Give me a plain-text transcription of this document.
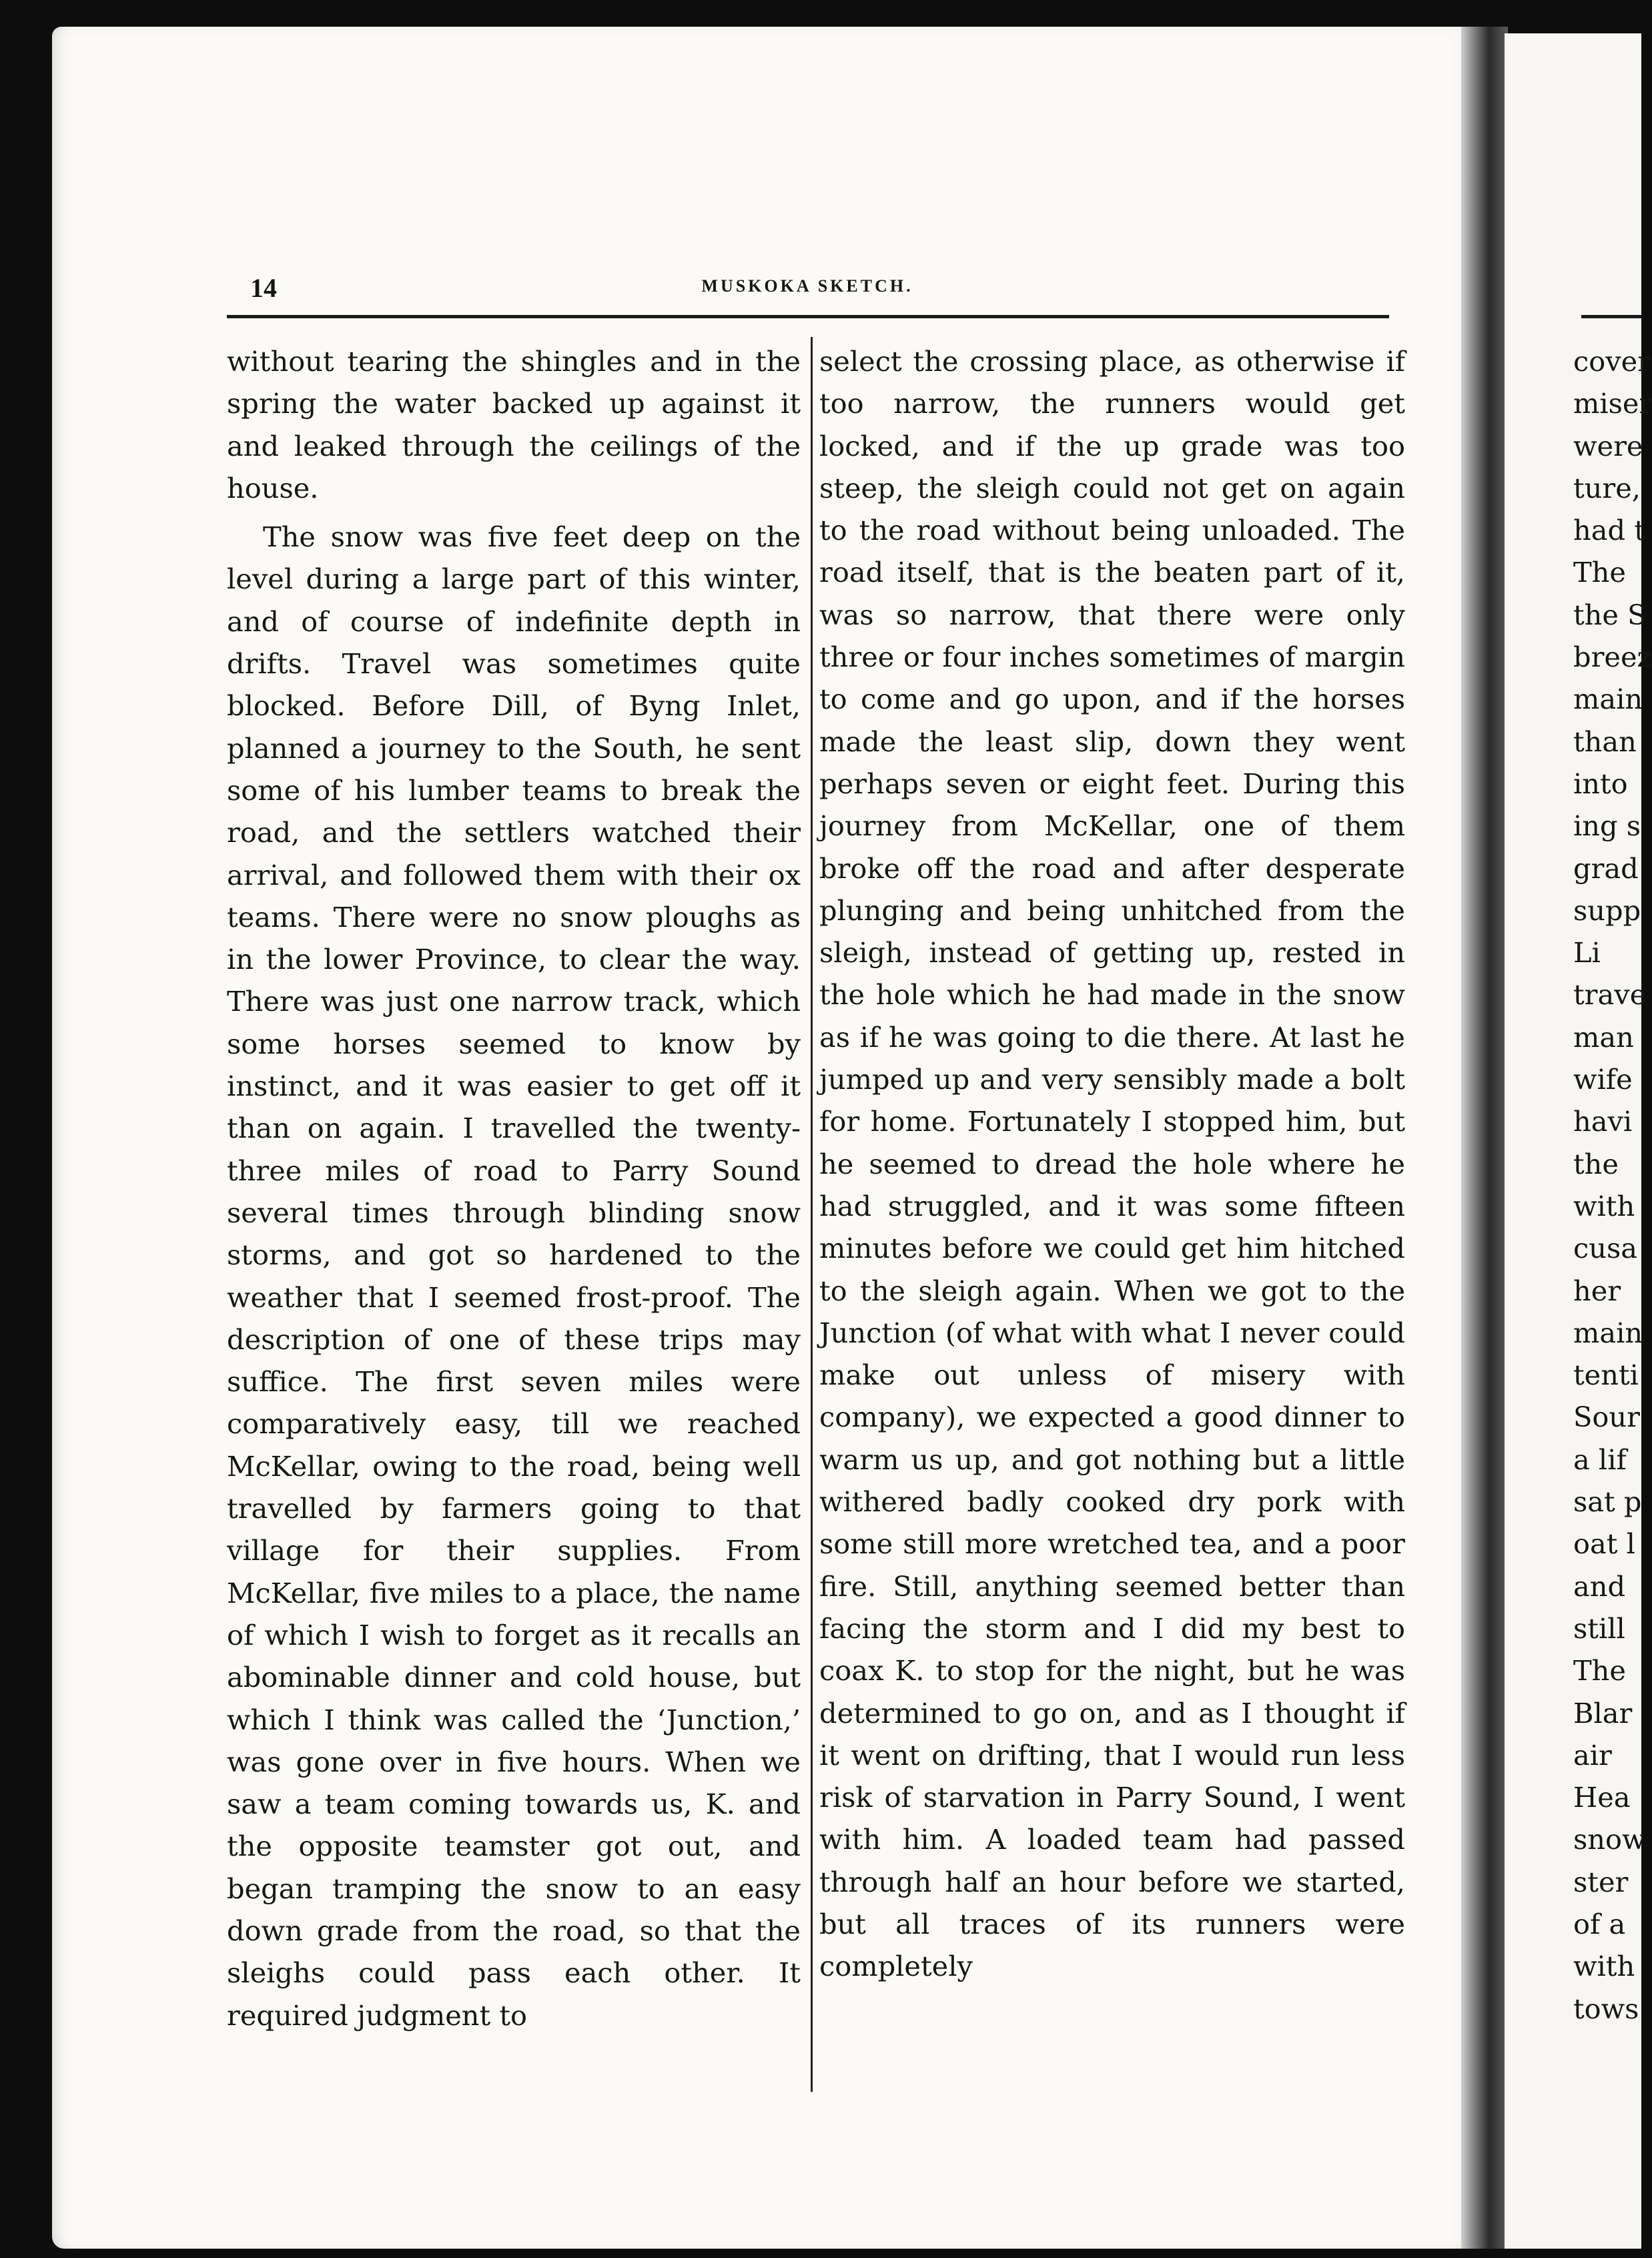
14	MUSKOKA SKETCH.

without tearing the shingles and in the spring the water backed up against it and leaked through the ceilings of the house.

The snow was five feet deep on the level during a large part of this winter, and of course of indefinite depth in drifts. Travel was sometimes quite blocked. Before Dill, of Byng Inlet, planned a journey to the South, he sent some of his lumber teams to break the road, and the settlers watched their arrival, and followed them with their ox teams. There were no snow ploughs as in the lower Province, to clear the way. There was just one narrow track, which some horses seemed to know by instinct, and it was easier to get off it than on again. I travelled the twenty-three miles of road to Parry Sound several times through blinding snow storms, and got so hardened to the weather that I seemed frost-proof. The description of one of these trips may suffice. The first seven miles were comparatively easy, till we reached McKellar, owing to the road, being well travelled by farmers going to that village for their supplies. From McKellar, five miles to a place, the name of which I wish to forget as it recalls an abominable dinner and cold house, but which I think was called the ‘Junction,’ was gone over in five hours. When we saw a team coming towards us, K. and the opposite teamster got out, and began tramping the snow to an easy down grade from the road, so that the sleighs could pass each other. It required judgment to

select the crossing place, as otherwise if too narrow, the runners would get locked, and if the up grade was too steep, the sleigh could not get on again to the road without being unloaded. The road itself, that is the beaten part of it, was so narrow, that there were only three or four inches sometimes of margin to come and go upon, and if the horses made the least slip, down they went perhaps seven or eight feet. During this journey from McKellar, one of them broke off the road and after desperate plunging and being unhitched from the sleigh, instead of getting up, rested in the hole which he had made in the snow as if he was going to die there. At last he jumped up and very sensibly made a bolt for home. Fortunately I stopped him, but he seemed to dread the hole where he had struggled, and it was some fifteen minutes before we could get him hitched to the sleigh again. When we got to the Junction (of what with what I never could make out unless of misery with company), we expected a good dinner to warm us up, and got nothing but a little withered badly cooked dry pork with some still more wretched tea, and a poor fire. Still, anything seemed better than facing the storm and I did my best to coax K. to stop for the night, but he was determined to go on, and as I thought if it went on drifting, that I would run less risk of starvation in Parry Sound, I went with him. A loaded team had passed through half an hour before we started, but all traces of its runners were completely

cover
miser
were
ture,
had t
The
the S
breez
main
than
into
ing s
grad
supp
Li
trave
man
wife
havi
the
with
cusa
her
main
tenti
Sour
a lif
sat p
oat l
and
still
The
Blar
air
Hea
snow
ster
of a
with
tows
